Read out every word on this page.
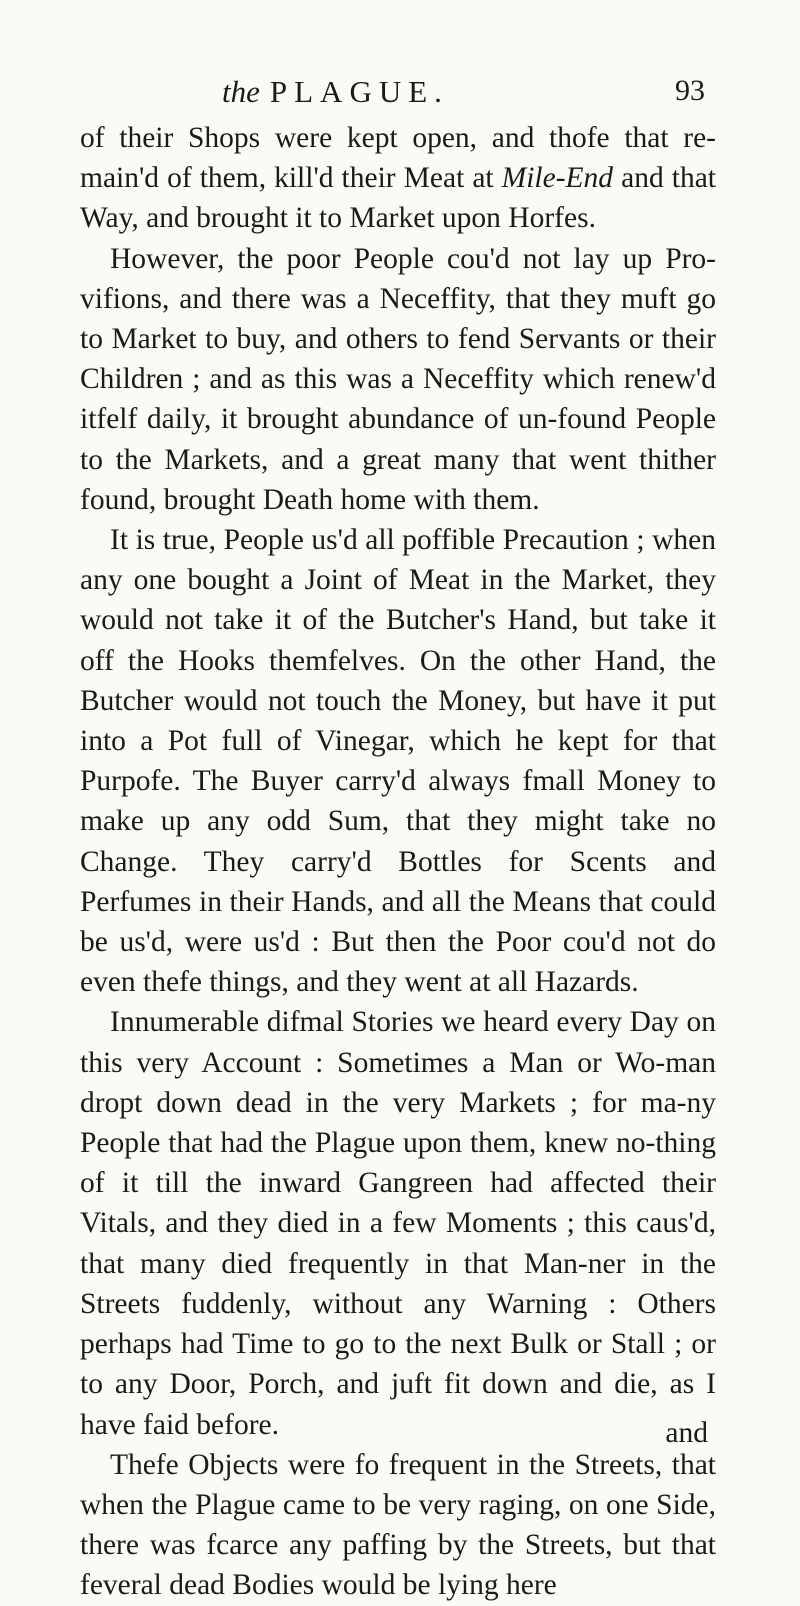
the PLAGUE.	93

of their Shops were kept open, and thofe that re-main'd of them, kill'd their Meat at Mile-End and that Way, and brought it to Market upon Horfes.

However, the poor People cou'd not lay up Pro-vifions, and there was a Neceffity, that they muft go to Market to buy, and others to fend Servants or their Children ; and as this was a Neceffity which renew'd itfelf daily, it brought abundance of un-found People to the Markets, and a great many that went thither found, brought Death home with them.

It is true, People us'd all poffible Precaution ; when any one bought a Joint of Meat in the Market, they would not take it of the Butcher's Hand, but take it off the Hooks themfelves. On the other Hand, the Butcher would not touch the Money, but have it put into a Pot full of Vinegar, which he kept for that Purpofe. The Buyer carry'd always fmall Money to make up any odd Sum, that they might take no Change. They carry'd Bottles for Scents and Perfumes in their Hands, and all the Means that could be us'd, were us'd : But then the Poor cou'd not do even thefe things, and they went at all Hazards.

Innumerable difmal Stories we heard every Day on this very Account : Sometimes a Man or Wo-man dropt down dead in the very Markets ; for ma-ny People that had the Plague upon them, knew no-thing of it till the inward Gangreen had affected their Vitals, and they died in a few Moments ; this caus'd, that many died frequently in that Man-ner in the Streets fuddenly, without any Warning : Others perhaps had Time to go to the next Bulk or Stall ; or to any Door, Porch, and juft fit down and die, as I have faid before.

Thefe Objects were fo frequent in the Streets, that when the Plague came to be very raging, on one Side, there was fcarce any paffing by the Streets, but that feveral dead Bodies would be lying here

and
